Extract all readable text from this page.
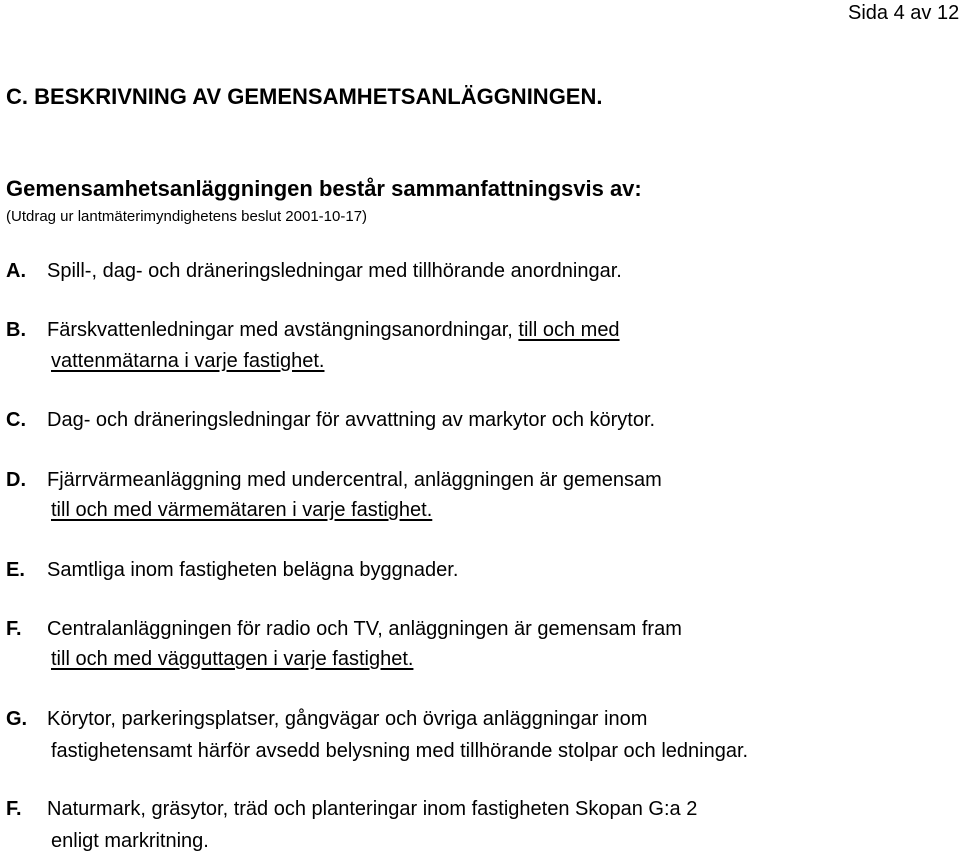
Sida 4 av 12
C. BESKRIVNING AV GEMENSAMHETSANLÄGGNINGEN.
Gemensamhetsanläggningen består sammanfattningsvis av:
(Utdrag ur lantmäterimyndighetens beslut 2001-10-17)
A. Spill-, dag- och dräneringsledningar med tillhörande anordningar.
B. Färskvattenledningar med avstängningsanordningar, till och med
vattenmätarna i varje fastighet.
C. Dag- och dräneringsledningar för avvattning av markytor och körytor.
D. Fjärrvärmeanläggning med undercentral, anläggningen är gemensam
till och med värmemätaren i varje fastighet.
E. Samtliga inom fastigheten belägna byggnader.
F. Centralanläggningen för radio och TV, anläggningen är gemensam fram
till och med vägguttagen i varje fastighet.
G. Körytor, parkeringsplatser, gångvägar och övriga anläggningar inom
fastighetensamt härför avsedd belysning med tillhörande stolpar och ledningar.
F. Naturmark, gräsytor, träd och planteringar inom fastigheten Skopan G:a 2
enligt markritning.
